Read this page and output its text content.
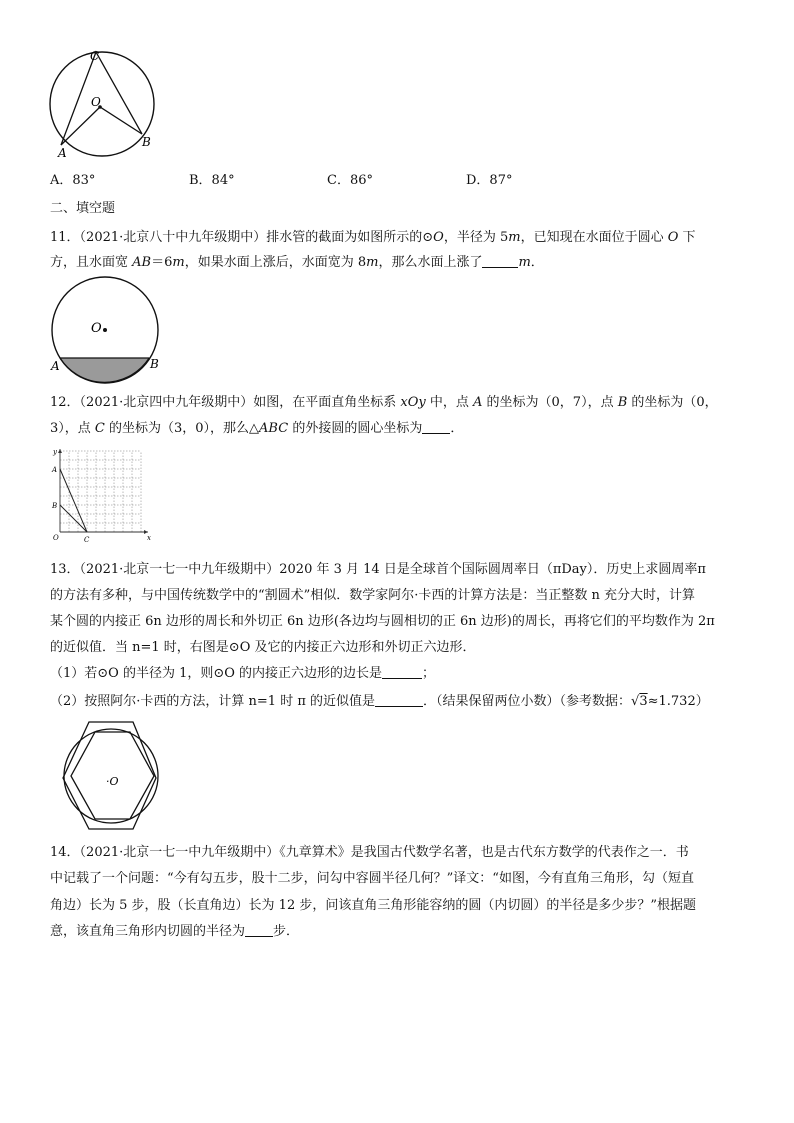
C
O
A
B
A．83°	B．84°	C．86°	D．87°
二、填空题
11．（2021·北京八十中九年级期中）排水管的截面为如图所示的⊙O，半径为 5m，已知现在水面位于圆心 O 下
方，且水面宽 AB＝6m，如果水面上涨后，水面宽为 8m，那么水面上涨了	m．
O
A	B
12．（2021·北京四中九年级期中）如图，在平面直角坐标系 xOy 中，点 A 的坐标为（0，7），点 B 的坐标为（0，
3），点 C 的坐标为（3，0），那么△ABC 的外接圆的圆心坐标为 ．
y
x
A
B
C
O
13．（2021·北京一七一中九年级期中）2020 年 3 月 14 日是全球首个国际圆周率日（πDay）．历史上求圆周率π
的方法有多种，与中国传统数学中的“割圆术”相似．数学家阿尔·卡西的计算方法是：当正整数 n 充分大时，计算
某个圆的内接正 6n 边形的周长和外切正 6n 边形(各边均与圆相切的正 6n 边形)的周长，再将它们的平均数作为 2π
的近似值．当 n=1 时，右图是⊙O 及它的内接正六边形和外切正六边形．
（1）若⊙O 的半径为 1，则⊙O 的内接正六边形的边长是	；
（2）按照阿尔·卡西的方法，计算 n=1 时 π 的近似值是	．（结果保留两位小数）（参考数据：√3≈1.732）
·O
14．（2021·北京一七一中九年级期中）《九章算术》是我国古代数学名著，也是古代东方数学的代表作之一．书
中记载了一个问题：“今有勾五步，股十二步，问勾中容圆半径几何？”译文：“如图，今有直角三角形，勾（短直
角边）长为 5 步，股（长直角边）长为 12 步，问该直角三角形能容纳的圆（内切圆）的半径是多少步？”根据题
意，该直角三角形内切圆的半径为 步．
